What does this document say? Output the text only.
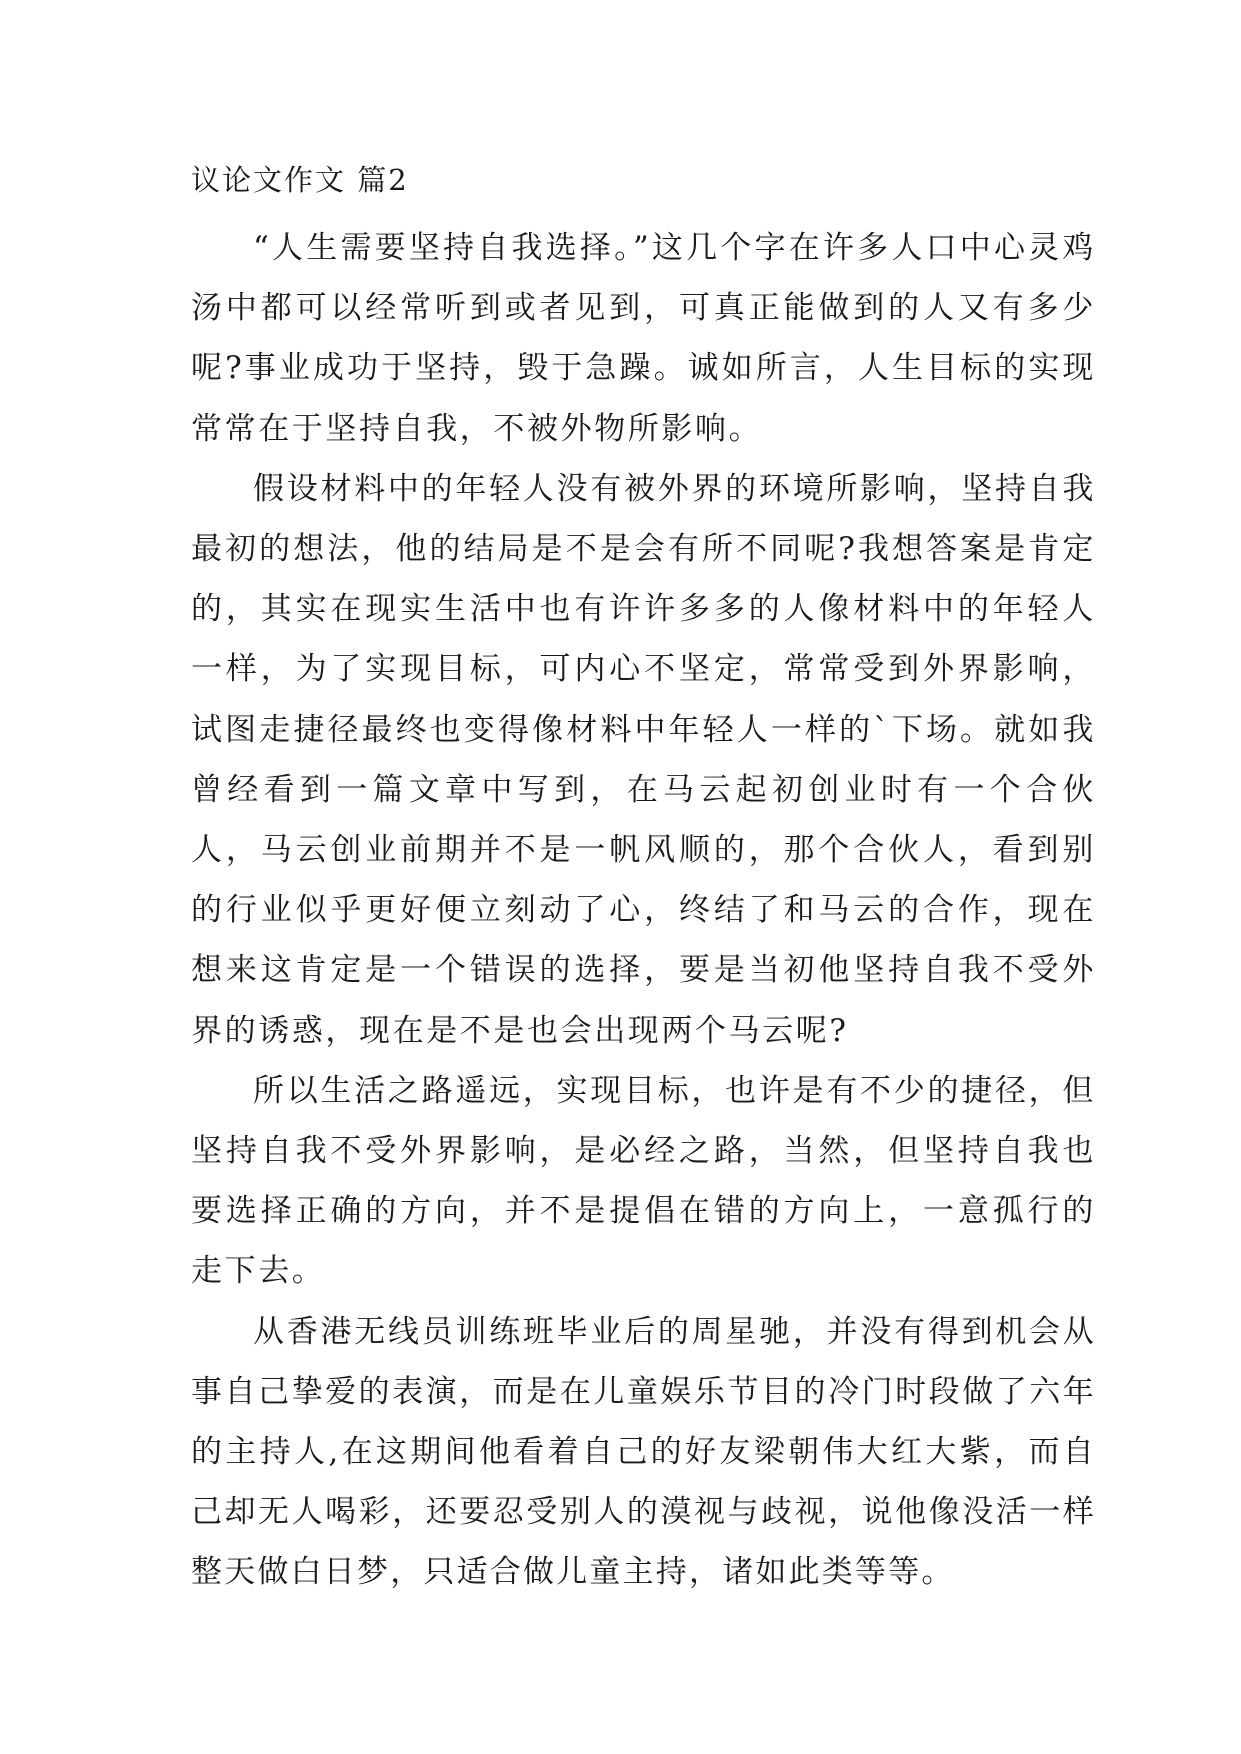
议论文作文 篇2

“人生需要坚持自我选择。”这几个字在许多人口中心灵鸡汤中都可以经常听到或者见到，可真正能做到的人又有多少呢?事业成功于坚持，毁于急躁。诚如所言，人生目标的实现常常在于坚持自我，不被外物所影响。

假设材料中的年轻人没有被外界的环境所影响，坚持自我最初的想法，他的结局是不是会有所不同呢?我想答案是肯定的，其实在现实生活中也有许许多多的人像材料中的年轻人一样，为了实现目标，可内心不坚定，常常受到外界影响，试图走捷径最终也变得像材料中年轻人一样的`下场。就如我曾经看到一篇文章中写到，在马云起初创业时有一个合伙人，马云创业前期并不是一帆风顺的，那个合伙人，看到别的行业似乎更好便立刻动了心，终结了和马云的合作，现在想来这肯定是一个错误的选择，要是当初他坚持自我不受外界的诱惑，现在是不是也会出现两个马云呢?

所以生活之路遥远，实现目标，也许是有不少的捷径，但坚持自我不受外界影响，是必经之路，当然，但坚持自我也要选择正确的方向，并不是提倡在错的方向上，一意孤行的走下去。

从香港无线员训练班毕业后的周星驰，并没有得到机会从事自己挚爱的表演，而是在儿童娱乐节目的冷门时段做了六年的主持人,在这期间他看着自己的好友梁朝伟大红大紫，而自己却无人喝彩，还要忍受别人的漠视与歧视，说他像没活一样整天做白日梦，只适合做儿童主持，诸如此类等等。
